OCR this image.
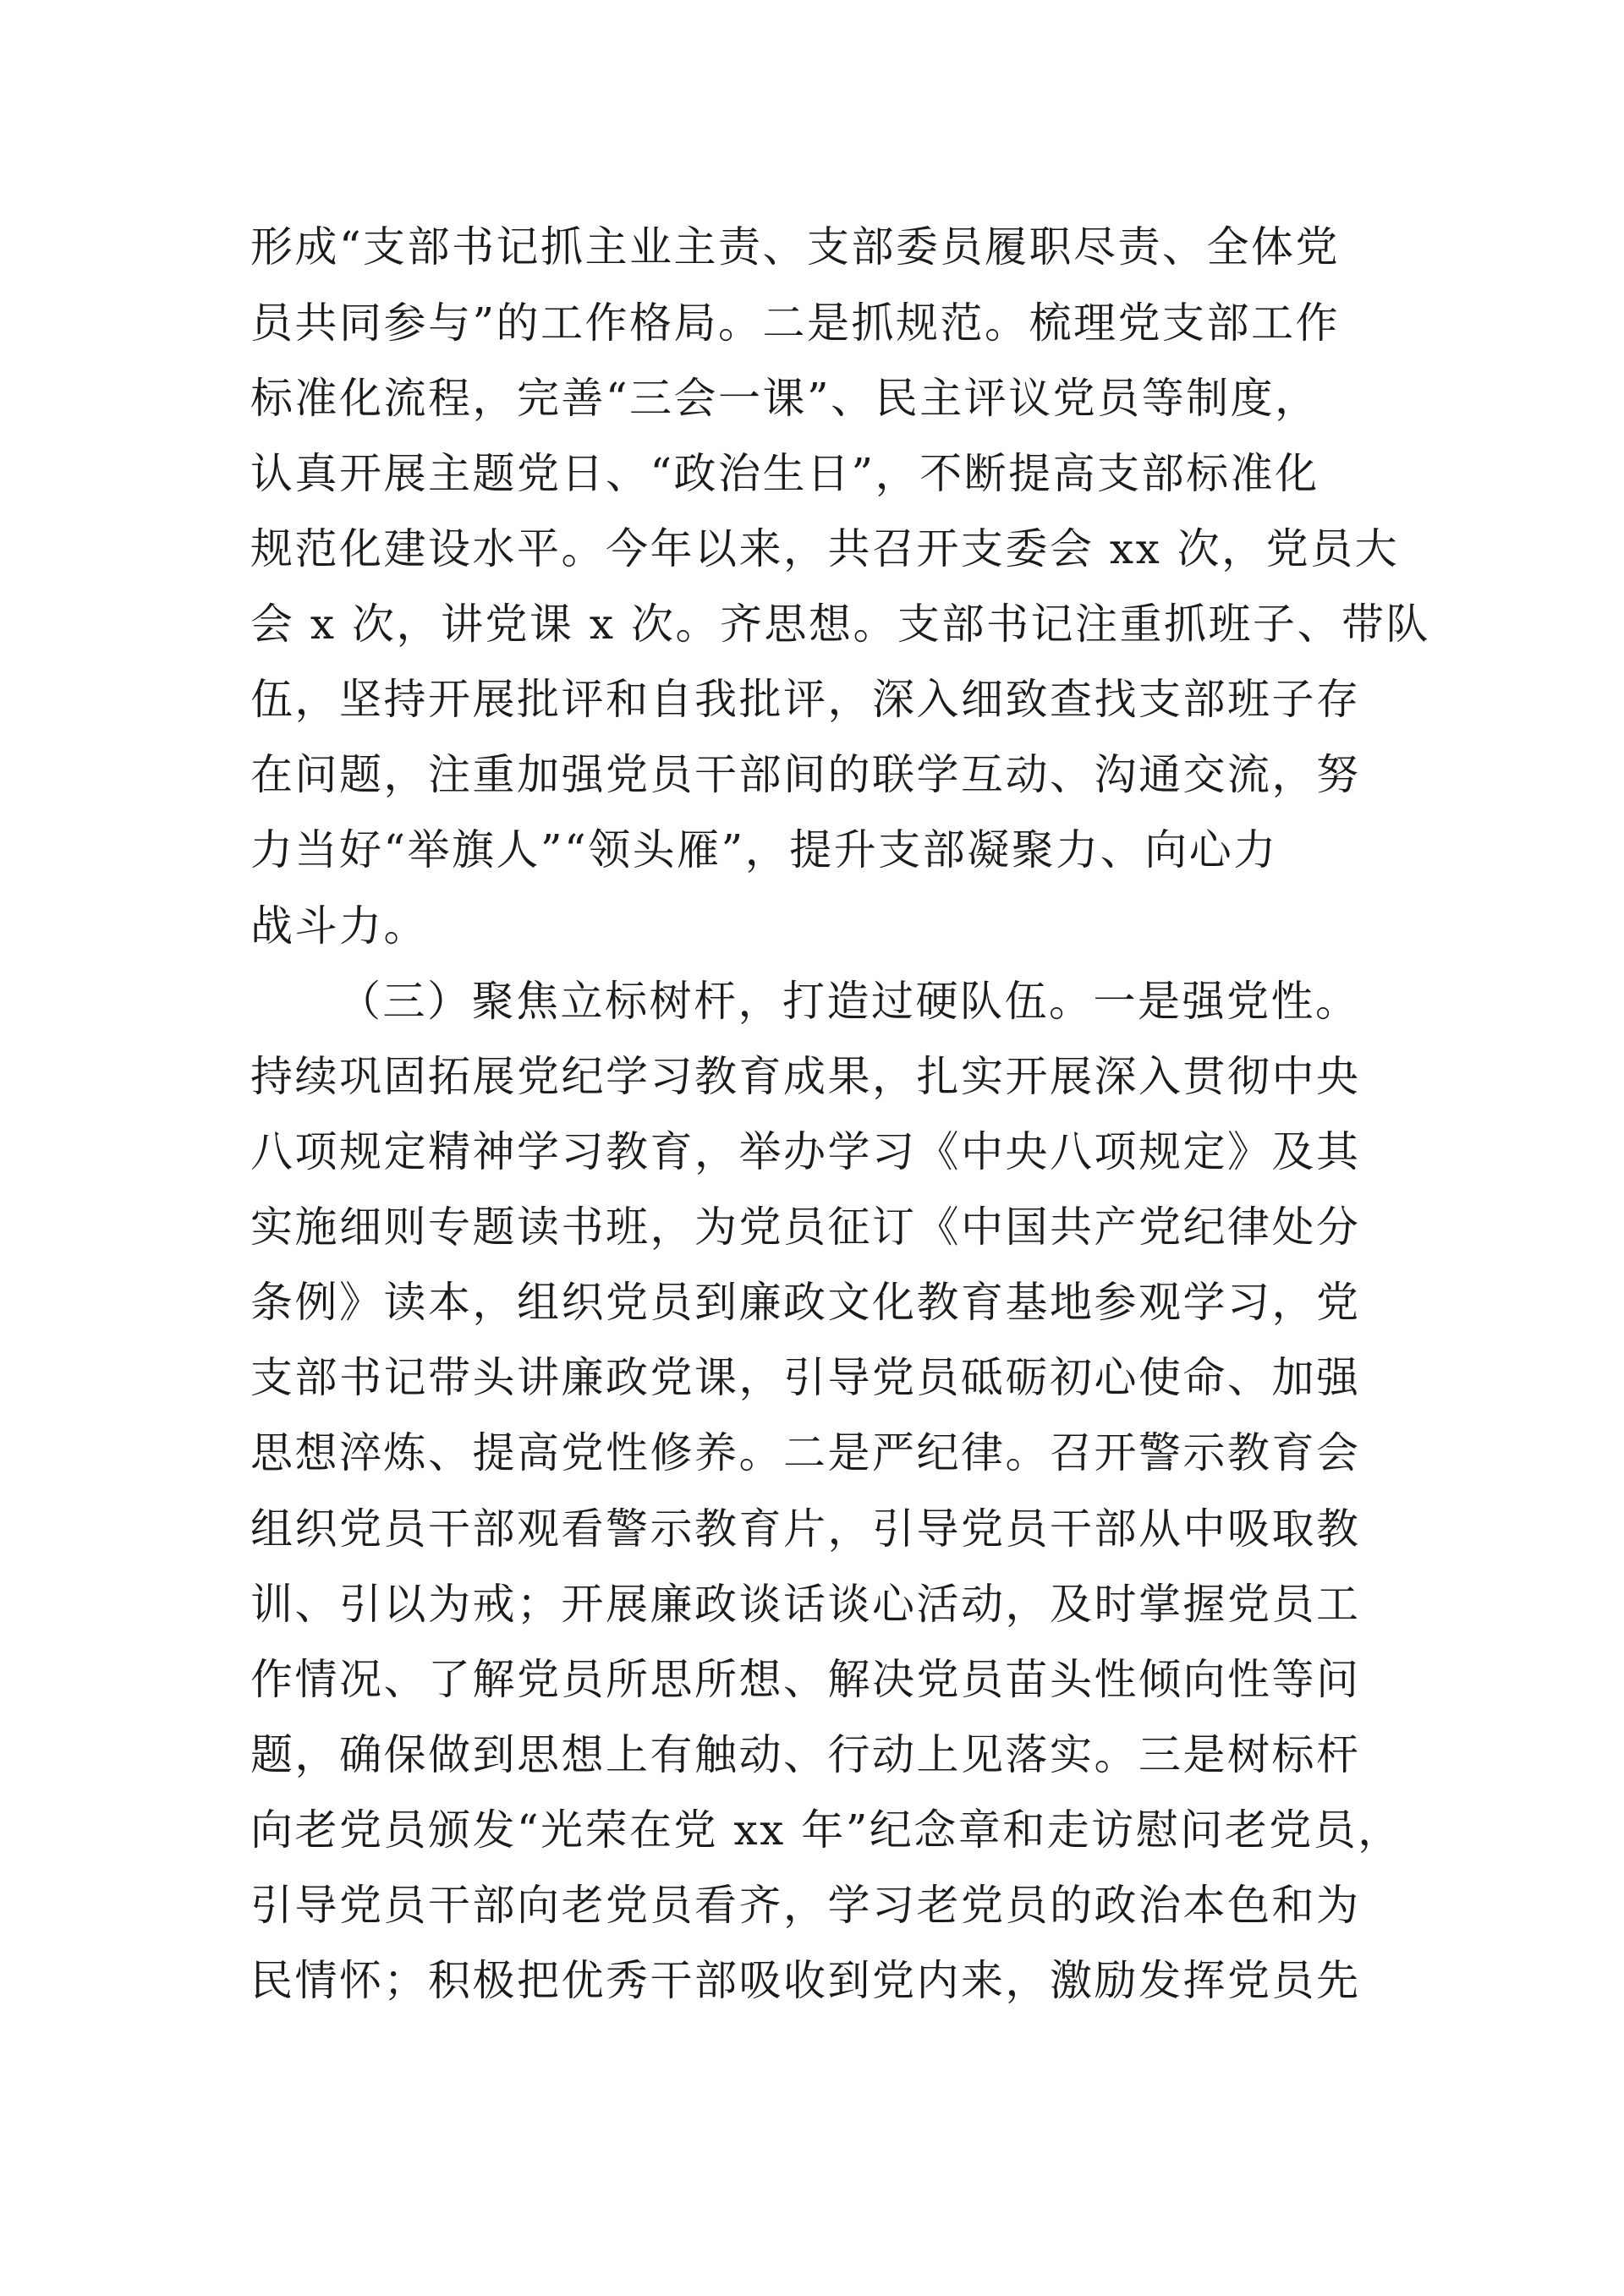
形成“支部书记抓主业主责、支部委员履职尽责、全体党
员共同参与”的工作格局。二是抓规范。梳理党支部工作
标准化流程，完善“三会一课”、民主评议党员等制度，
认真开展主题党日、“政治生日”，不断提高支部标准化
规范化建设水平。今年以来，共召开支委会 xx 次，党员大
会 x 次，讲党课 x 次。齐思想。支部书记注重抓班子、带队
伍，坚持开展批评和自我批评，深入细致查找支部班子存
在问题，注重加强党员干部间的联学互动、沟通交流，努
力当好“举旗人”“领头雁”，提升支部凝聚力、向心力
战斗力。
（三）聚焦立标树杆，打造过硬队伍。一是强党性。
持续巩固拓展党纪学习教育成果，扎实开展深入贯彻中央
八项规定精神学习教育，举办学习《中央八项规定》及其
实施细则专题读书班，为党员征订《中国共产党纪律处分
条例》读本，组织党员到廉政文化教育基地参观学习，党
支部书记带头讲廉政党课，引导党员砥砺初心使命、加强
思想淬炼、提高党性修养。二是严纪律。召开警示教育会
组织党员干部观看警示教育片，引导党员干部从中吸取教
训、引以为戒；开展廉政谈话谈心活动，及时掌握党员工
作情况、了解党员所思所想、解决党员苗头性倾向性等问
题，确保做到思想上有触动、行动上见落实。三是树标杆
向老党员颁发“光荣在党 xx 年”纪念章和走访慰问老党员，
引导党员干部向老党员看齐，学习老党员的政治本色和为
民情怀；积极把优秀干部吸收到党内来，激励发挥党员先
